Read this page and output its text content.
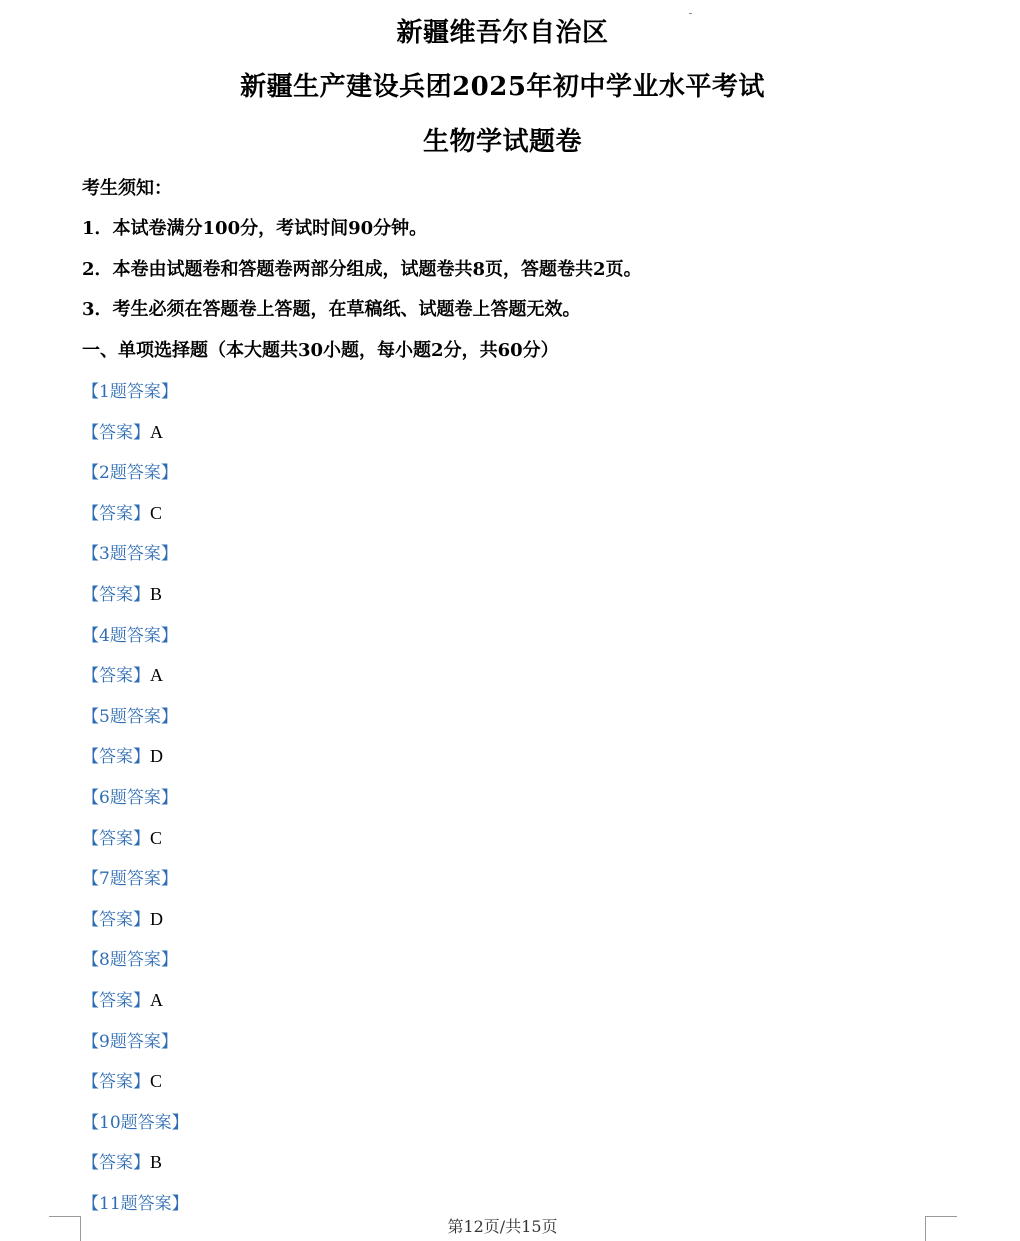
新疆维吾尔自治区
新疆生产建设兵团2025年初中学业水平考试
生物学试题卷
考生须知：
1．本试卷满分100分，考试时间90分钟。
2．本卷由试题卷和答题卷两部分组成，试题卷共8页，答题卷共2页。
3．考生必须在答题卷上答题，在草稿纸、试题卷上答题无效。
一、单项选择题（本大题共30小题，每小题2分，共60分）
【1题答案】
【答案】A
【2题答案】
【答案】C
【3题答案】
【答案】B
【4题答案】
【答案】A
【5题答案】
【答案】D
【6题答案】
【答案】C
【7题答案】
【答案】D
【8题答案】
【答案】A
【9题答案】
【答案】C
【10题答案】
【答案】B
【11题答案】
第12页/共15页
